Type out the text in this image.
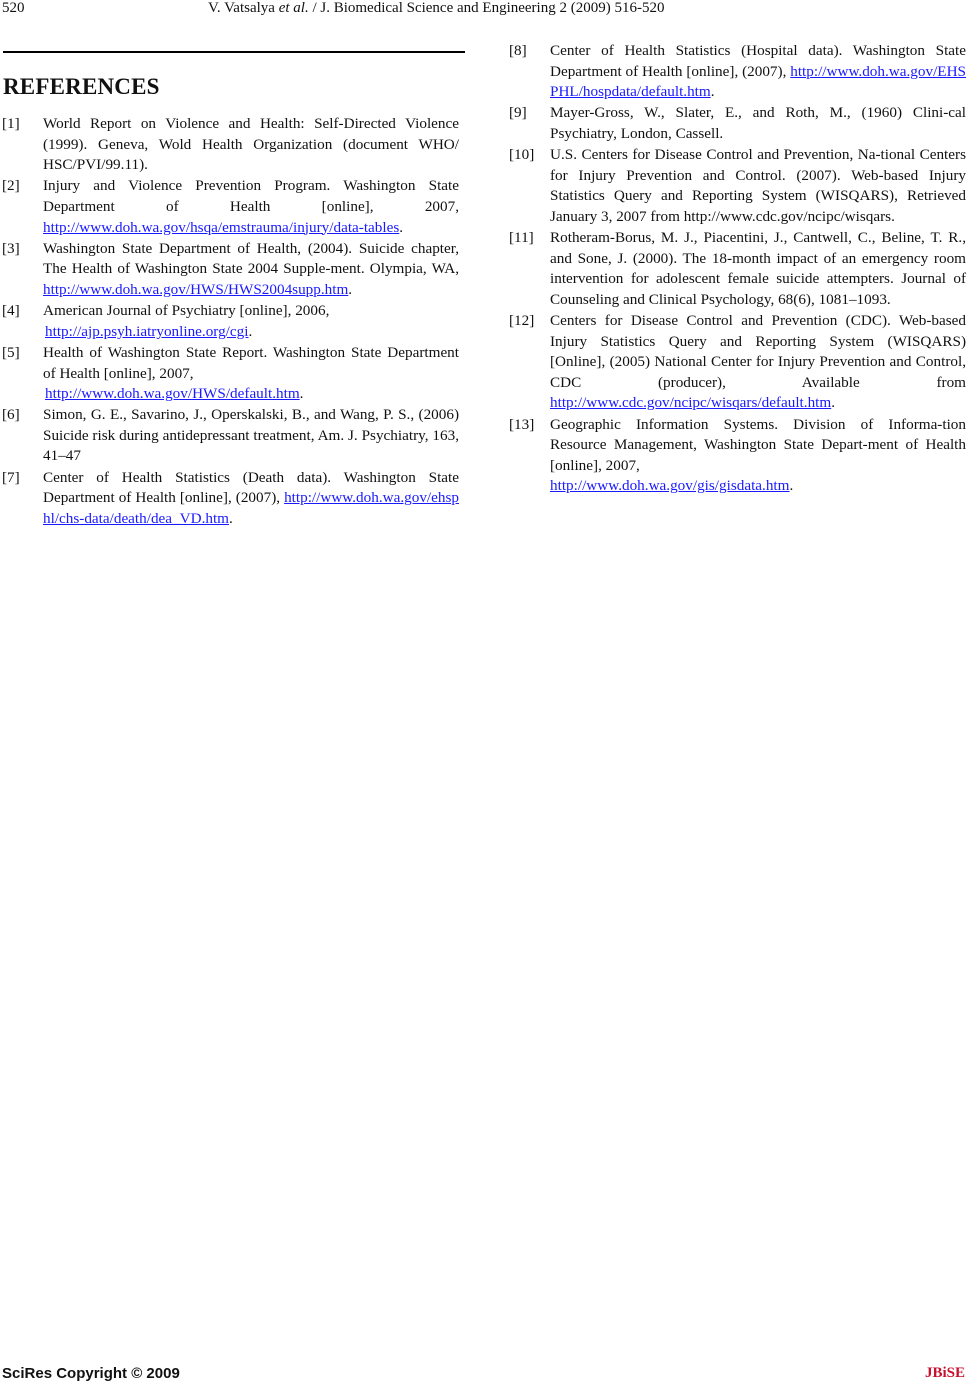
520	V. Vatsalya et al. / J. Biomedical Science and Engineering 2 (2009) 516-520
REFERENCES
[1]	World Report on Violence and Health: Self-Directed Violence (1999). Geneva, Wold Health Organization (document WHO/ HSC/PVI/99.11).
[2]	Injury and Violence Prevention Program. Washington State Department of Health [online], 2007, http://www.doh.wa.gov/hsqa/emstrauma/injury/data-tables.
[3]	Washington State Department of Health, (2004). Suicide chapter, The Health of Washington State 2004 Supple-ment. Olympia, WA, http://www.doh.wa.gov/HWS/HWS2004supp.htm.
[4]	American Journal of Psychiatry [online], 2006,
http://ajp.psyh.iatryonline.org/cgi.
[5]	Health of Washington State Report. Washington State Department of Health [online], 2007,
http://www.doh.wa.gov/HWS/default.htm.
[6]	Simon, G. E., Savarino, J., Operskalski, B., and Wang, P. S., (2006) Suicide risk during antidepressant treatment, Am. J. Psychiatry, 163, 41–47
[7]	Center of Health Statistics (Death data). Washington State Department of Health [online], (2007), http://www.doh.wa.gov/ehsphl/chs-data/death/dea_VD.htm.
[8]	Center of Health Statistics (Hospital data). Washington State Department of Health [online], (2007), http://www.doh.wa.gov/EHSPHL/hospdata/default.htm.
[9]	Mayer-Gross, W., Slater, E., and Roth, M., (1960) Clini-cal Psychiatry, London, Cassell.
[10]	U.S. Centers for Disease Control and Prevention, Na-tional Centers for Injury Prevention and Control. (2007). Web-based Injury Statistics Query and Reporting System (WISQARS), Retrieved January 3, 2007 from http://www.cdc.gov/ncipc/wisqars.
[11]	Rotheram-Borus, M. J., Piacentini, J., Cantwell, C., Beline, T. R., and Sone, J. (2000). The 18-month impact of an emergency room intervention for adolescent female suicide attempters. Journal of Counseling and Clinical Psychology, 68(6), 1081–1093.
[12]	Centers for Disease Control and Prevention (CDC). Web-based Injury Statistics Query and Reporting System (WISQARS) [Online], (2005) National Center for Injury Prevention and Control, CDC (producer), Available from http://www.cdc.gov/ncipc/wisqars/default.htm.
[13]	Geographic Information Systems. Division of Informa-tion Resource Management, Washington State Depart-ment of Health [online], 2007,
http://www.doh.wa.gov/gis/gisdata.htm.
SciRes Copyright © 2009	JBiSE
